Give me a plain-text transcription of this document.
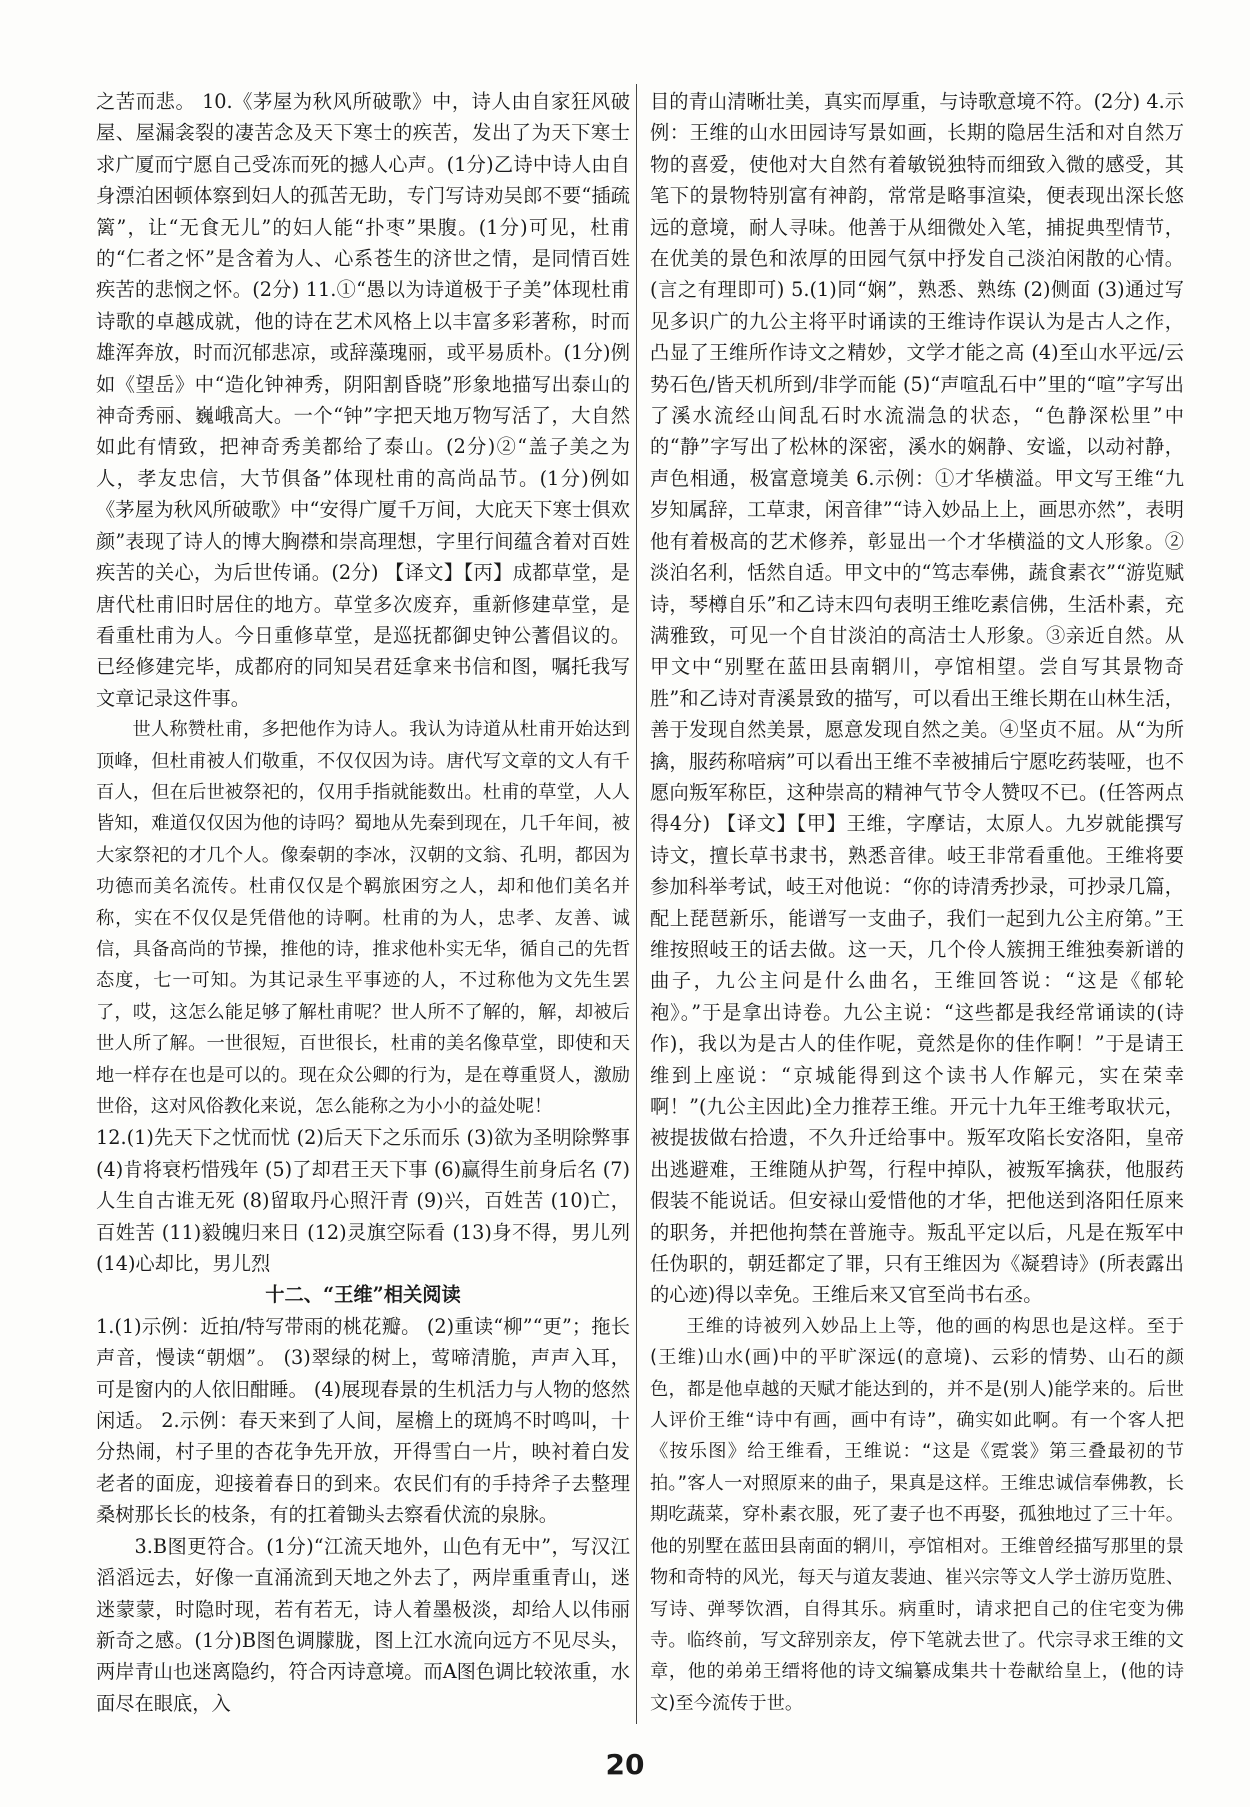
之苦而悲。 10.《茅屋为秋风所破歌》中，诗人由自家狂风破屋、屋漏衾裂的凄苦念及天下寒士的疾苦，发出了为天下寒士求广厦而宁愿自己受冻而死的撼人心声。(1分)乙诗中诗人由自身漂泊困顿体察到妇人的孤苦无助，专门写诗劝吴郎不要“插疏篱”，让“无食无儿”的妇人能“扑枣”果腹。(1分)可见，杜甫的“仁者之怀”是含着为人、心系苍生的济世之情，是同情百姓疾苦的悲悯之怀。(2分) 11.①“愚以为诗道极于子美”体现杜甫诗歌的卓越成就，他的诗在艺术风格上以丰富多彩著称，时而雄浑奔放，时而沉郁悲凉，或辞藻瑰丽，或平易质朴。(1分)例如《望岳》中“造化钟神秀，阴阳割昏晓”形象地描写出泰山的神奇秀丽、巍峨高大。一个“钟”字把天地万物写活了，大自然如此有情致，把神奇秀美都给了泰山。(2分)②“盖子美之为人，孝友忠信，大节俱备”体现杜甫的高尚品节。(1分)例如《茅屋为秋风所破歌》中“安得广厦千万间，大庇天下寒士俱欢颜”表现了诗人的博大胸襟和崇高理想，字里行间蕴含着对百姓疾苦的关心，为后世传诵。(2分) 【译文】【丙】成都草堂，是唐代杜甫旧时居住的地方。草堂多次废弃，重新修建草堂，是看重杜甫为人。今日重修草堂，是巡抚都御史钟公蓍倡议的。已经修建完毕，成都府的同知吴君廷拿来书信和图，嘱托我写文章记录这件事。

世人称赞杜甫，多把他作为诗人。我认为诗道从杜甫开始达到顶峰，但杜甫被人们敬重，不仅仅因为诗。唐代写文章的文人有千百人，但在后世被祭祀的，仅用手指就能数出。杜甫的草堂，人人皆知，难道仅仅因为他的诗吗？蜀地从先秦到现在，几千年间，被大家祭祀的才几个人。像秦朝的李冰，汉朝的文翁、孔明，都因为功德而美名流传。杜甫仅仅是个羁旅困穷之人，却和他们美名并称，实在不仅仅是凭借他的诗啊。杜甫的为人，忠孝、友善、诚信，具备高尚的节操，推他的诗，推求他朴实无华，循自己的先哲态度，七一可知。为其记录生平事迹的人，不过称他为文先生罢了，哎，这怎么能足够了解杜甫呢？世人所不了解的，解，却被后世人所了解。一世很短，百世很长，杜甫的美名像草堂，即使和天地一样存在也是可以的。现在众公卿的行为，是在尊重贤人，激励世俗，这对风俗教化来说，怎么能称之为小小的益处呢！

12.(1)先天下之忧而忧 (2)后天下之乐而乐 (3)欲为圣明除弊事 (4)肯将衰朽惜残年 (5)了却君王天下事 (6)赢得生前身后名 (7)人生自古谁无死 (8)留取丹心照汗青 (9)兴，百姓苦 (10)亡，百姓苦 (11)毅魄归来日 (12)灵旗空际看 (13)身不得，男儿列 (14)心却比，男儿烈

十二、“王维”相关阅读

1.(1)示例：近拍/特写带雨的桃花瓣。 (2)重读“柳”“更”；拖长声音，慢读“朝烟”。 (3)翠绿的树上，莺啼清脆，声声入耳，可是窗内的人依旧酣睡。 (4)展现春景的生机活力与人物的悠然闲适。 2.示例：春天来到了人间，屋檐上的斑鸠不时鸣叫，十分热闹，村子里的杏花争先开放，开得雪白一片，映衬着白发老者的面庞，迎接着春日的到来。农民们有的手持斧子去整理桑树那长长的枝条，有的扛着锄头去察看伏流的泉脉。

3.B图更符合。(1分)“江流天地外，山色有无中”，写汉江滔滔远去，好像一直涌流到天地之外去了，两岸重重青山，迷迷蒙蒙，时隐时现，若有若无，诗人着墨极淡，却给人以伟丽新奇之感。(1分)B图色调朦胧，图上江水流向远方不见尽头，两岸青山也迷离隐约，符合丙诗意境。而A图色调比较浓重，水面尽在眼底，入

目的青山清晰壮美，真实而厚重，与诗歌意境不符。(2分) 4.示例：王维的山水田园诗写景如画，长期的隐居生活和对自然万物的喜爱，使他对大自然有着敏锐独特而细致入微的感受，其笔下的景物特别富有神韵，常常是略事渲染，便表现出深长悠远的意境，耐人寻味。他善于从细微处入笔，捕捉典型情节，在优美的景色和浓厚的田园气氛中抒发自己淡泊闲散的心情。(言之有理即可) 5.(1)同“娴”，熟悉、熟练 (2)侧面 (3)通过写见多识广的九公主将平时诵读的王维诗作误认为是古人之作，凸显了王维所作诗文之精妙，文学才能之高 (4)至山水平远/云势石色/皆天机所到/非学而能 (5)“声喧乱石中”里的“喧”字写出了溪水流经山间乱石时水流湍急的状态，“色静深松里”中的“静”字写出了松林的深密，溪水的娴静、安谧，以动衬静，声色相通，极富意境美 6.示例：①才华横溢。甲文写王维“九岁知属辞，工草隶，闲音律”“诗入妙品上上，画思亦然”，表明他有着极高的艺术修养，彰显出一个才华横溢的文人形象。②淡泊名利，恬然自适。甲文中的“笃志奉佛，蔬食素衣”“游览赋诗，琴樽自乐”和乙诗末四句表明王维吃素信佛，生活朴素，充满雅致，可见一个自甘淡泊的高洁士人形象。③亲近自然。从甲文中“别墅在蓝田县南辋川，亭馆相望。尝自写其景物奇胜”和乙诗对青溪景致的描写，可以看出王维长期在山林生活，善于发现自然美景，愿意发现自然之美。④坚贞不屈。从“为所擒，服药称喑病”可以看出王维不幸被捕后宁愿吃药装哑，也不愿向叛军称臣，这种崇高的精神气节令人赞叹不已。(任答两点得4分) 【译文】【甲】王维，字摩诘，太原人。九岁就能撰写诗文，擅长草书隶书，熟悉音律。岐王非常看重他。王维将要参加科举考试，岐王对他说：“你的诗清秀抄录，可抄录几篇，配上琵琶新乐，能谱写一支曲子，我们一起到九公主府第。”王维按照岐王的话去做。这一天，几个伶人簇拥王维独奏新谱的曲子，九公主问是什么曲名，王维回答说：“这是《郁轮袍》。”于是拿出诗卷。九公主说：“这些都是我经常诵读的(诗作)，我以为是古人的佳作呢，竟然是你的佳作啊！”于是请王维到上座说：“京城能得到这个读书人作解元，实在荣幸啊！”(九公主因此)全力推荐王维。开元十九年王维考取状元，被提拔做右拾遗，不久升迁给事中。叛军攻陷长安洛阳，皇帝出逃避难，王维随从护驾，行程中掉队，被叛军擒获，他服药假装不能说话。但安禄山爱惜他的才华，把他送到洛阳任原来的职务，并把他拘禁在普施寺。叛乱平定以后，凡是在叛军中任伪职的，朝廷都定了罪，只有王维因为《凝碧诗》(所表露出的心迹)得以幸免。王维后来又官至尚书右丞。

王维的诗被列入妙品上上等，他的画的构思也是这样。至于(王维)山水(画)中的平旷深远(的意境)、云彩的情势、山石的颜色，都是他卓越的天赋才能达到的，并不是(别人)能学来的。后世人评价王维“诗中有画，画中有诗”，确实如此啊。有一个客人把《按乐图》给王维看，王维说：“这是《霓裳》第三叠最初的节拍。”客人一对照原来的曲子，果真是这样。王维忠诚信奉佛教，长期吃蔬菜，穿朴素衣服，死了妻子也不再娶，孤独地过了三十年。他的别墅在蓝田县南面的辋川，亭馆相对。王维曾经描写那里的景物和奇特的风光，每天与道友裴迪、崔兴宗等文人学士游历览胜、写诗、弹琴饮酒，自得其乐。病重时，请求把自己的住宅变为佛寺。临终前，写文辞别亲友，停下笔就去世了。代宗寻求王维的文章，他的弟弟王缙将他的诗文编纂成集共十卷献给皇上，(他的诗文)至今流传于世。

20
